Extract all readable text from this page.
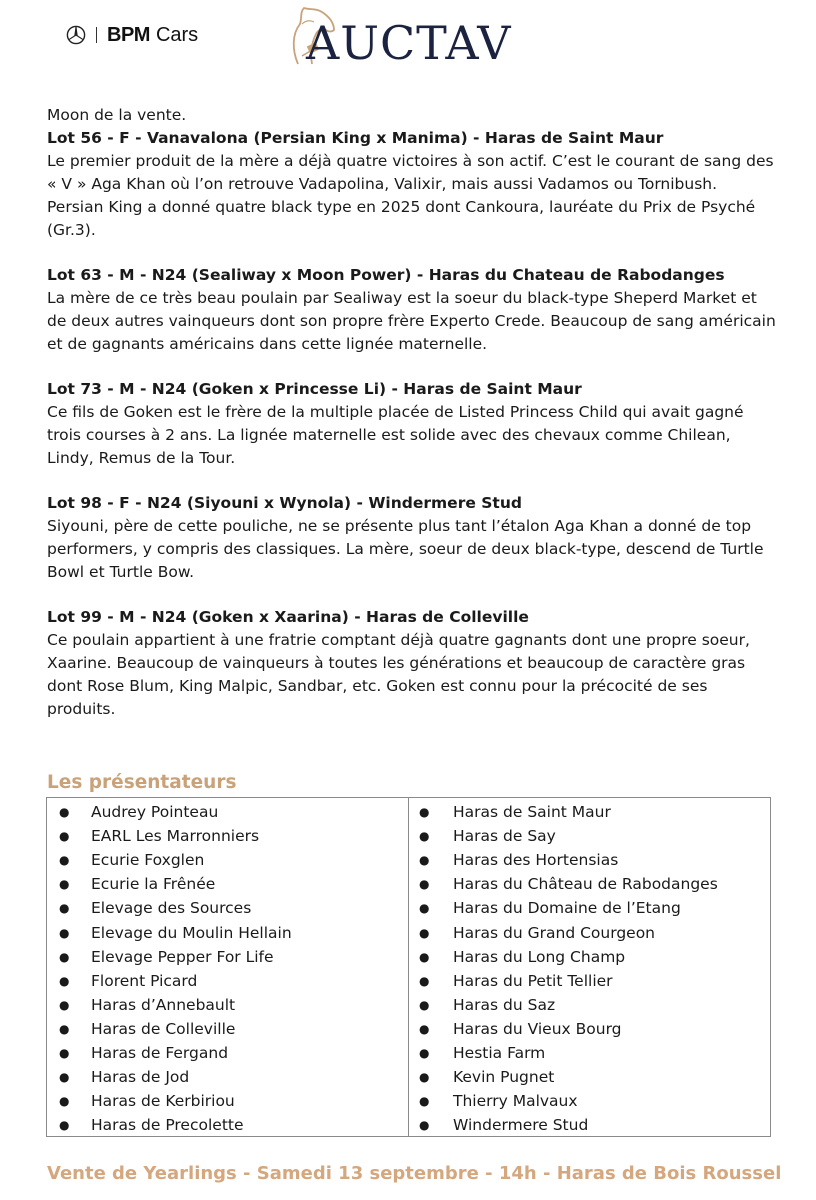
BPM Cars AUCTAV

Moon de la vente.

Lot 56 - F - Vanavalona (Persian King x Manima) - Haras de Saint Maur

Le premier produit de la mère a déjà quatre victoires à son actif. C’est le courant de sang des « V » Aga Khan où l’on retrouve Vadapolina, Valixir, mais aussi Vadamos ou Tornibush. Persian King a donné quatre black type en 2025 dont Cankoura, lauréate du Prix de Psyché (Gr.3).

Lot 63 - M - N24 (Sealiway x Moon Power) - Haras du Chateau de Rabodanges

La mère de ce très beau poulain par Sealiway est la soeur du black-type Sheperd Market et de deux autres vainqueurs dont son propre frère Experto Crede. Beaucoup de sang américain et de gagnants américains dans cette lignée maternelle.

Lot 73 - M - N24 (Goken x Princesse Li) - Haras de Saint Maur

Ce fils de Goken est le frère de la multiple placée de Listed Princess Child qui avait gagné trois courses à 2 ans. La lignée maternelle est solide avec des chevaux comme Chilean, Lindy, Remus de la Tour.

Lot 98 - F - N24 (Siyouni x Wynola) - Windermere Stud

Siyouni, père de cette pouliche, ne se présente plus tant l’étalon Aga Khan a donné de top performers, y compris des classiques. La mère, soeur de deux black-type, descend de Turtle Bowl et Turtle Bow.

Lot 99 - M - N24 (Goken x Xaarina) - Haras de Colleville

Ce poulain appartient à une fratrie comptant déjà quatre gagnants dont une propre soeur, Xaarine. Beaucoup de vainqueurs à toutes les générations et beaucoup de caractère gras dont Rose Blum, King Malpic, Sandbar, etc. Goken est connu pour la précocité de ses produits.

Les présentateurs
●	Audrey Pointeau
●	EARL Les Marronniers
●	Ecurie Foxglen
●	Ecurie la Frênée
●	Elevage des Sources
●	Elevage du Moulin Hellain
●	Elevage Pepper For Life
●	Florent Picard
●	Haras d’Annebault
●	Haras de Colleville
●	Haras de Fergand
●	Haras de Jod
●	Haras de Kerbiriou
●	Haras de Precolette
●	Haras de Saint Maur
●	Haras de Say
●	Haras des Hortensias
●	Haras du Château de Rabodanges
●	Haras du Domaine de l’Etang
●	Haras du Grand Courgeon
●	Haras du Long Champ
●	Haras du Petit Tellier
●	Haras du Saz
●	Haras du Vieux Bourg
●	Hestia Farm
●	Kevin Pugnet
●	Thierry Malvaux
●	Windermere Stud
Vente de Yearlings - Samedi 13 septembre - 14h - Haras de Bois Roussel
